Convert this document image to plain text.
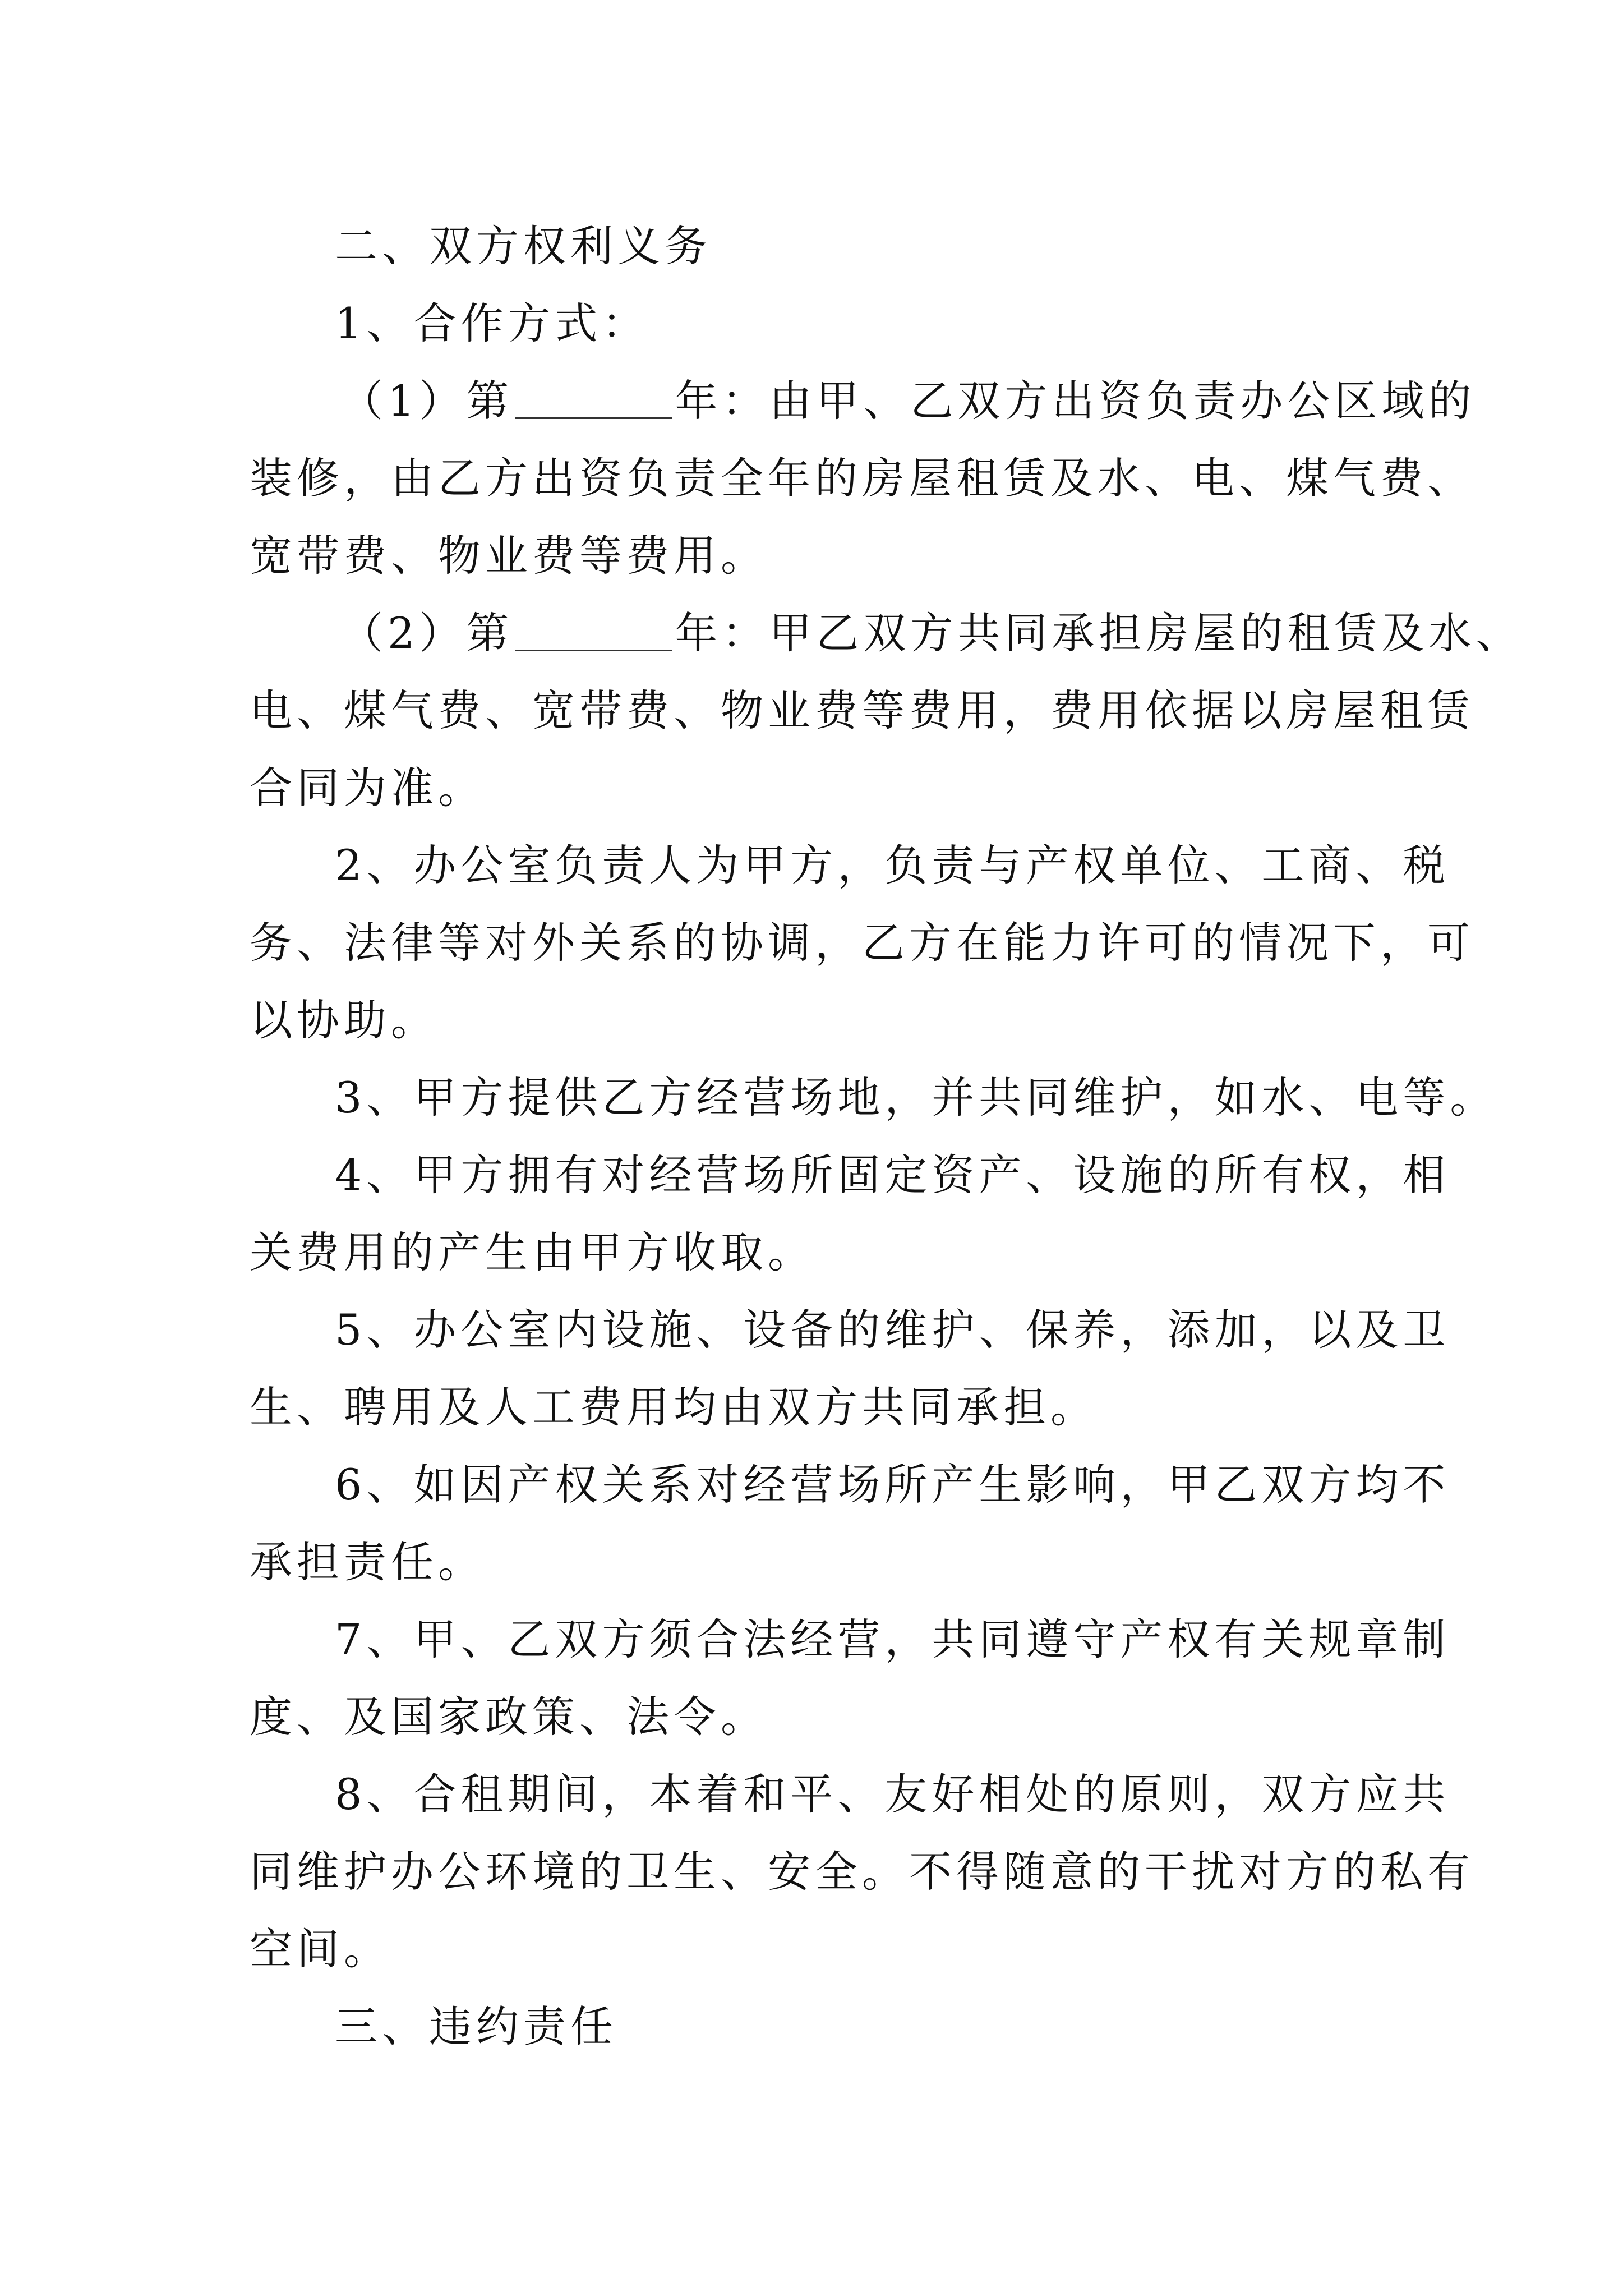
二、双方权利义务
1、合作方式：
（1）第	年：由甲、乙双方出资负责办公区域的
装修，由乙方出资负责全年的房屋租赁及水、电、煤气费、
宽带费、物业费等费用。
（2）第	年：甲乙双方共同承担房屋的租赁及水、
电、煤气费、宽带费、物业费等费用，费用依据以房屋租赁
合同为准。
2、办公室负责人为甲方，负责与产权单位、工商、税
务、法律等对外关系的协调，乙方在能力许可的情况下，可
以协助。
3、甲方提供乙方经营场地，并共同维护，如水、电等。
4、甲方拥有对经营场所固定资产、设施的所有权，相
关费用的产生由甲方收取。
5、办公室内设施、设备的维护、保养，添加，以及卫
生、聘用及人工费用均由双方共同承担。
6、如因产权关系对经营场所产生影响，甲乙双方均不
承担责任。
7、甲、乙双方须合法经营，共同遵守产权有关规章制
度、及国家政策、法令。
8、合租期间，本着和平、友好相处的原则，双方应共
同维护办公环境的卫生、安全。不得随意的干扰对方的私有
空间。
三、违约责任
